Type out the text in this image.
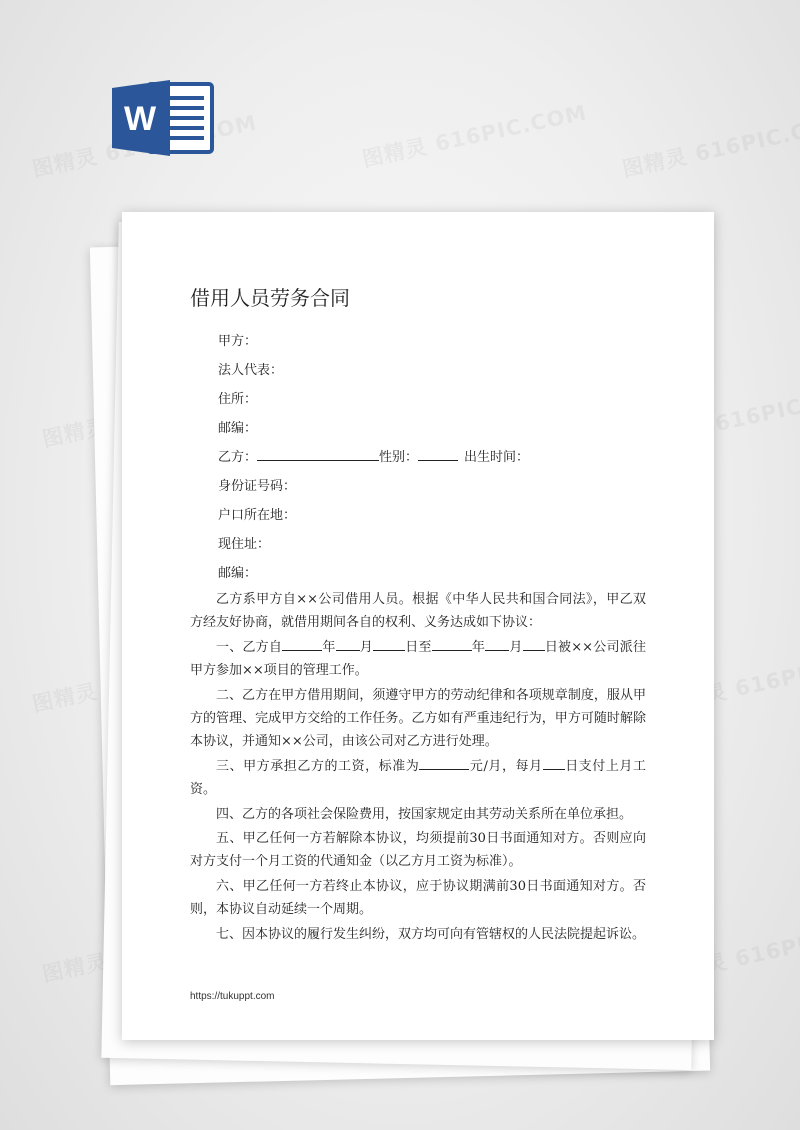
W
借用人员劳务合同
甲方：
法人代表：
住所：
邮编：
乙方：	性别：	出生时间：
身份证号码：
户口所在地：
现住址：
邮编：
乙方系甲方自××公司借用人员。根据《中华人民共和国合同法》，甲乙双方经友好协商，就借用期间各自的权利、义务达成如下协议：
一、乙方自	年 月 日至	年 月 日被××公司派往甲方参加××项目的管理工作。
二、乙方在甲方借用期间，须遵守甲方的劳动纪律和各项规章制度，服从甲方的管理、完成甲方交给的工作任务。乙方如有严重违纪行为，甲方可随时解除本协议，并通知××公司，由该公司对乙方进行处理。
三、甲方承担乙方的工资，标准为	元/月，每月 日支付上月工资。
四、乙方的各项社会保险费用，按国家规定由其劳动关系所在单位承担。
五、甲乙任何一方若解除本协议，均须提前30日书面通知对方。否则应向对方支付一个月工资的代通知金（以乙方月工资为标准）。
六、甲乙任何一方若终止本协议，应于协议期满前30日书面通知对方。否则，本协议自动延续一个周期。
七、因本协议的履行发生纠纷，双方均可向有管辖权的人民法院提起诉讼。
https://tukuppt.com
